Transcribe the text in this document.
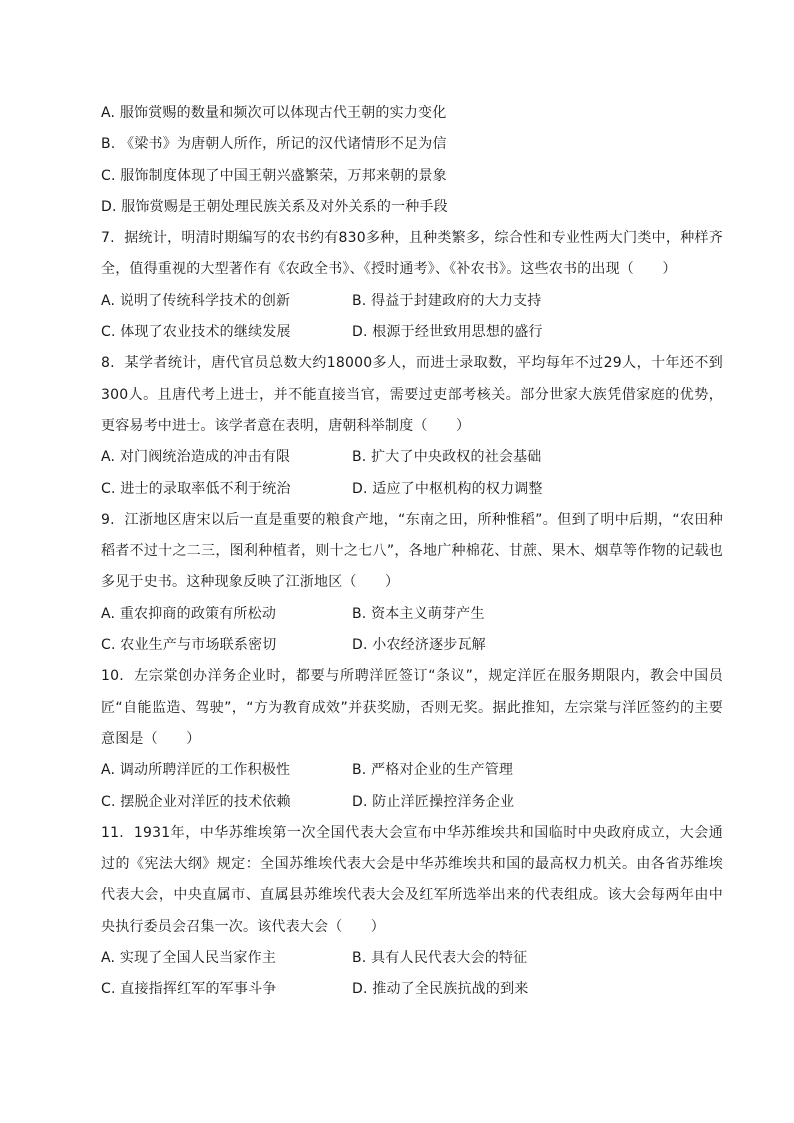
A. 服饰赏赐的数量和频次可以体现古代王朝的实力变化
B. 《梁书》为唐朝人所作，所记的汉代诸情形不足为信
C. 服饰制度体现了中国王朝兴盛繁荣，万邦来朝的景象
D. 服饰赏赐是王朝处理民族关系及对外关系的一种手段
7. 据统计，明清时期编写的农书约有830多种，且种类繁多，综合性和专业性两大门类中，种样齐全，值得重视的大型著作有《农政全书》、《授时通考》、《补农书》。这些农书的出现（　　）
A. 说明了传统科学技术的创新	B. 得益于封建政府的大力支持
C. 体现了农业技术的继续发展	D. 根源于经世致用思想的盛行
8. 某学者统计，唐代官员总数大约18000多人，而进士录取数，平均每年不过29人，十年还不到300人。且唐代考上进士，并不能直接当官，需要过吏部考核关。部分世家大族凭借家庭的优势，更容易考中进士。该学者意在表明，唐朝科举制度（　　）
A. 对门阀统治造成的冲击有限	B. 扩大了中央政权的社会基础
C. 进士的录取率低不利于统治	D. 适应了中枢机构的权力调整
9. 江浙地区唐宋以后一直是重要的粮食产地，“东南之田，所种惟稻”。但到了明中后期，“农田种稻者不过十之二三，图利种植者，则十之七八”，各地广种棉花、甘蔗、果木、烟草等作物的记载也多见于史书。这种现象反映了江浙地区（　　）
A. 重农抑商的政策有所松动	B. 资本主义萌芽产生
C. 农业生产与市场联系密切	D. 小农经济逐步瓦解
10. 左宗棠创办洋务企业时，都要与所聘洋匠签订“条议”，规定洋匠在服务期限内，教会中国员匠“自能监造、驾驶”，“方为教育成效”并获奖励，否则无奖。据此推知，左宗棠与洋匠签约的主要意图是（　　）
A. 调动所聘洋匠的工作积极性	B. 严格对企业的生产管理
C. 摆脱企业对洋匠的技术依赖	D. 防止洋匠操控洋务企业
11. 1931年，中华苏维埃第一次全国代表大会宣布中华苏维埃共和国临时中央政府成立，大会通过的《宪法大纲》规定：全国苏维埃代表大会是中华苏维埃共和国的最高权力机关。由各省苏维埃代表大会，中央直属市、直属县苏维埃代表大会及红军所选举出来的代表组成。该大会每两年由中央执行委员会召集一次。该代表大会（　　）
A. 实现了全国人民当家作主	B. 具有人民代表大会的特征
C. 直接指挥红军的军事斗争	D. 推动了全民族抗战的到来
